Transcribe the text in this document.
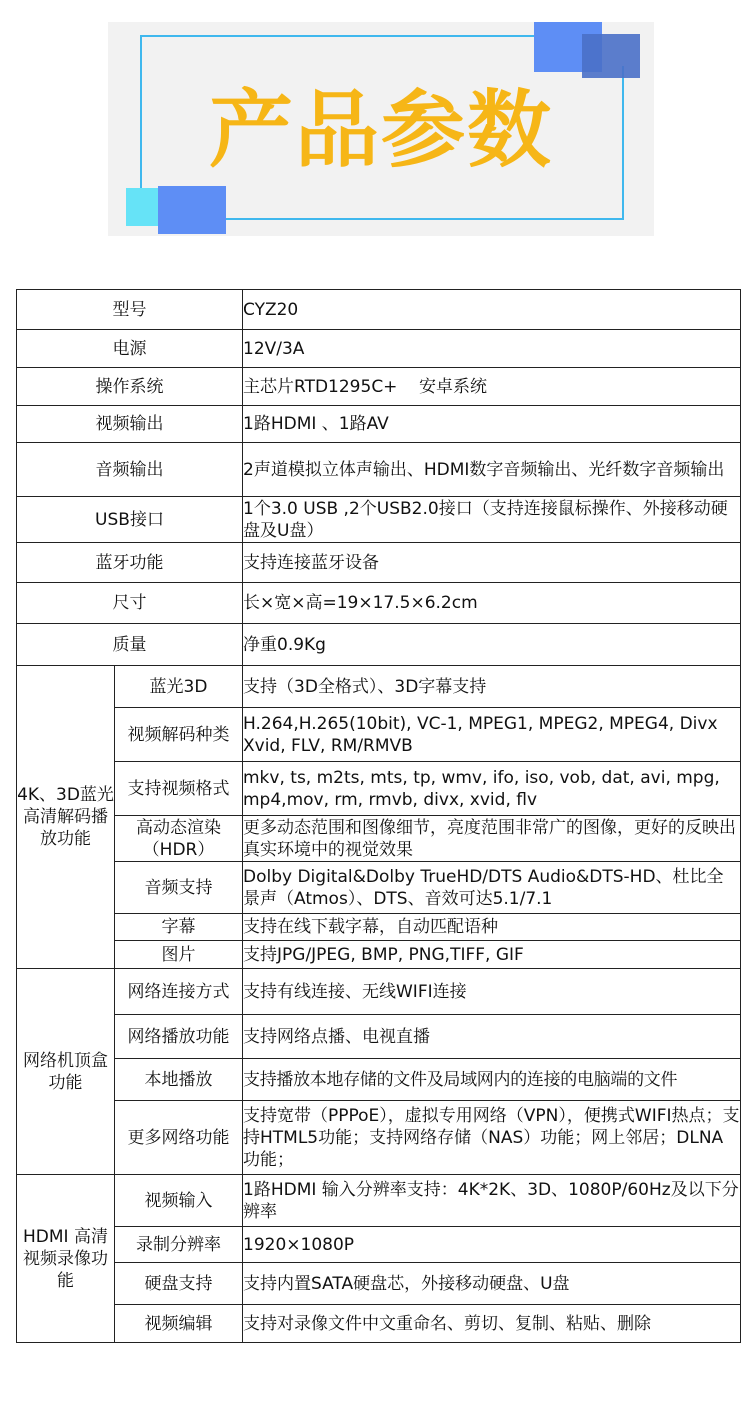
产品参数
型号		CYZ20
电源		12V/3A
操作系统		主芯片RTD1295C+    安卓系统
视频输出		1路HDMI 、1路AV
音频输出		2声道模拟立体声输出、HDMI数字音频输出、光纤数字音频输出
USB接口		1个3.0 USB ,2个USB2.0接口（支持连接鼠标操作、外接移动硬盘及U盘）
蓝牙功能		支持连接蓝牙设备
尺寸		长×宽×高=19×17.5×6.2cm
质量		净重0.9Kg
4K、3D蓝光高清解码播放功能	蓝光3D	支持（3D全格式）、3D字幕支持
	视频解码种类	H.264,H.265(10bit), VC-1, MPEG1, MPEG2, MPEG4, Divx Xvid, FLV, RM/RMVB
	支持视频格式	mkv, ts, m2ts, mts, tp, wmv, ifo, iso, vob, dat, avi, mpg, mp4,mov, rm, rmvb, divx, xvid, flv
	高动态渲染（HDR）	更多动态范围和图像细节，亮度范围非常广的图像，更好的反映出真实环境中的视觉效果
	音频支持	Dolby Digital&Dolby TrueHD/DTS Audio&DTS-HD、杜比全景声（Atmos）、DTS、音效可达5.1/7.1
	字幕	支持在线下载字幕，自动匹配语种
	图片	支持JPG/JPEG, BMP, PNG,TIFF, GIF
网络机顶盒功能	网络连接方式	支持有线连接、无线WIFI连接
	网络播放功能	支持网络点播、电视直播
	本地播放	支持播放本地存储的文件及局域网内的连接的电脑端的文件
	更多网络功能	支持宽带（PPPoE），虚拟专用网络（VPN），便携式WIFI热点；支持HTML5功能；支持网络存储（NAS）功能；网上邻居；DLNA功能；
HDMI 高清视频录像功能	视频输入	1路HDMI 输入分辨率支持：4K*2K、3D、1080P/60Hz及以下分辨率
	录制分辨率	1920×1080P
	硬盘支持	支持内置SATA硬盘芯，外接移动硬盘、U盘
	视频编辑	支持对录像文件中文重命名、剪切、复制、粘贴、删除
